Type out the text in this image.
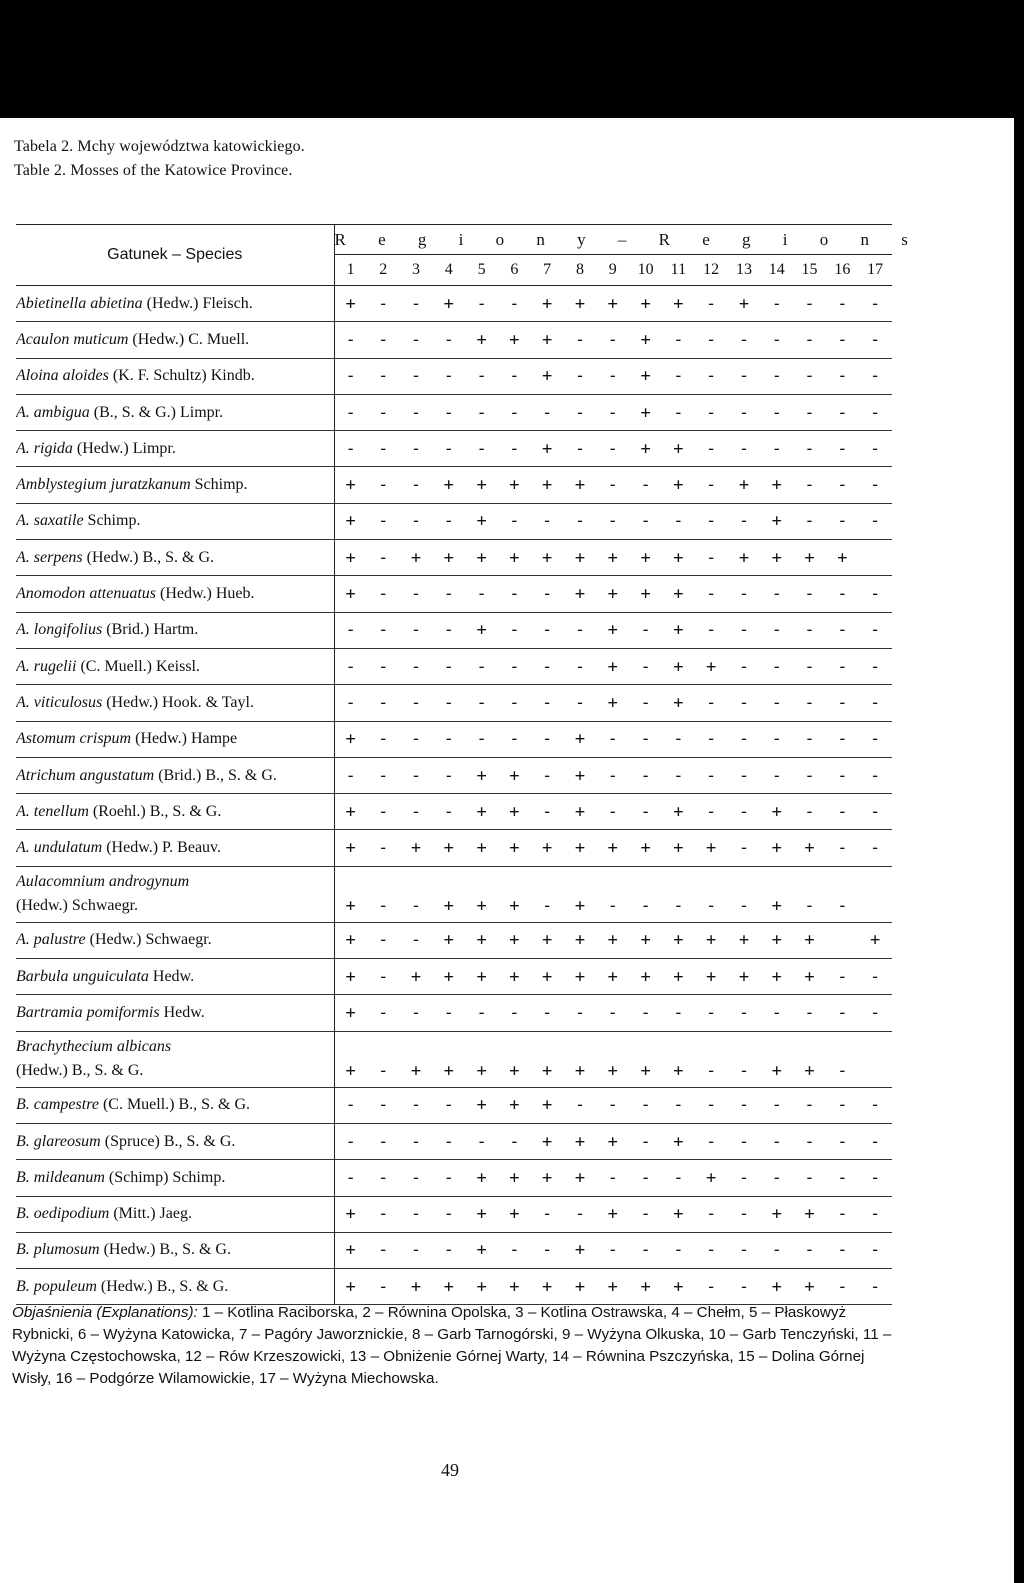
Tabela 2. Mchy województwa katowickiego.
Table 2. Mosses of the Katowice Province.
Gatunek – Species	R e g i o n y – R e g i o n s																
	1	2	3	4	5	6	7	8	9	10	11	12	13	14	15	16	17
Abietinella abietina (Hedw.) Fleisch.	+	-	-	+	-	-	+	+	+	+	+	-	+	-	-	-	-
Acaulon muticum (Hedw.) C. Muell.	-	-	-	-	+	+	+	-	-	+	-	-	-	-	-	-	-
Aloina aloides (K. F. Schultz) Kindb.	-	-	-	-	-	-	+	-	-	+	-	-	-	-	-	-	-
A. ambigua (B., S. & G.) Limpr.	-	-	-	-	-	-	-	-	-	+	-	-	-	-	-	-	-
A. rigida (Hedw.) Limpr.	-	-	-	-	-	-	+	-	-	+	+	-	-	-	-	-	-
Amblystegium juratzkanum Schimp.	+	-	-	+	+	+	+	+	-	-	+	-	+	+	-	-	-
A. saxatile Schimp.	+	-	-	-	+	-	-	-	-	-	-	-	-	+	-	-	-
A. serpens (Hedw.) B., S. & G.	+	-	+	+	+	+	+	+	+	+	+	-	+	+	+	+	
Anomodon attenuatus (Hedw.) Hueb.	+	-	-	-	-	-	-	+	+	+	+	-	-	-	-	-	-
A. longifolius (Brid.) Hartm.	-	-	-	-	+	-	-	-	+	-	+	-	-	-	-	-	-
A. rugelii (C. Muell.) Keissl.	-	-	-	-	-	-	-	-	+	-	+	+	-	-	-	-	-
A. viticulosus (Hedw.) Hook. & Tayl.	-	-	-	-	-	-	-	-	+	-	+	-	-	-	-	-	-
Astomum crispum (Hedw.) Hampe	+	-	-	-	-	-	-	+	-	-	-	-	-	-	-	-	-
Atrichum angustatum (Brid.) B., S. & G.	-	-	-	-	+	+	-	+	-	-	-	-	-	-	-	-	-
A. tenellum (Roehl.) B., S. & G.	+	-	-	-	+	+	-	+	-	-	+	-	-	+	-	-	-
A. undulatum (Hedw.) P. Beauv.	+	-	+	+	+	+	+	+	+	+	+	+	-	+	+	-	-
Aulacomnium androgynum
(Hedw.) Schwaegr.	+	-	-	+	+	+	-	+	-	-	-	-	-	+	-	-	
A. palustre (Hedw.) Schwaegr.	+	-	-	+	+	+	+	+	+	+	+	+	+	+	+		+
Barbula unguiculata Hedw.	+	-	+	+	+	+	+	+	+	+	+	+	+	+	+	-	-
Bartramia pomiformis Hedw.	+	-	-	-	-	-	-	-	-	-	-	-	-	-	-	-	-
Brachythecium albicans
(Hedw.) B., S. & G.	+	-	+	+	+	+	+	+	+	+	+	-	-	+	+	-	
B. campestre (C. Muell.) B., S. & G.	-	-	-	-	+	+	+	-	-	-	-	-	-	-	-	-	-
B. glareosum (Spruce) B., S. & G.	-	-	-	-	-	-	+	+	+	-	+	-	-	-	-	-	-
B. mildeanum (Schimp) Schimp.	-	-	-	-	+	+	+	+	-	-	-	+	-	-	-	-	-
B. oedipodium (Mitt.) Jaeg.	+	-	-	-	+	+	-	-	+	-	+	-	-	+	+	-	-
B. plumosum (Hedw.) B., S. & G.	+	-	-	-	+	-	-	+	-	-	-	-	-	-	-	-	-
B. populeum (Hedw.) B., S. & G.	+	-	+	+	+	+	+	+	+	+	+	-	-	+	+	-	-
Objaśnienia (Explanations): 1 – Kotlina Raciborska, 2 – Równina Opolska, 3 – Kotlina Ostrawska, 4 – Chełm, 5 – Płaskowyż Rybnicki, 6 – Wyżyna Katowicka, 7 – Pagóry Jaworznickie, 8 – Garb Tarnogórski, 9 – Wyżyna Olkuska, 10 – Garb Tenczyński, 11 – Wyżyna Częstochowska, 12 – Rów Krzeszowicki, 13 – Obniżenie Górnej Warty, 14 – Równina Pszczyńska, 15 – Dolina Górnej Wisły, 16 – Podgórze Wilamowickie, 17 – Wyżyna Miechowska.
49
